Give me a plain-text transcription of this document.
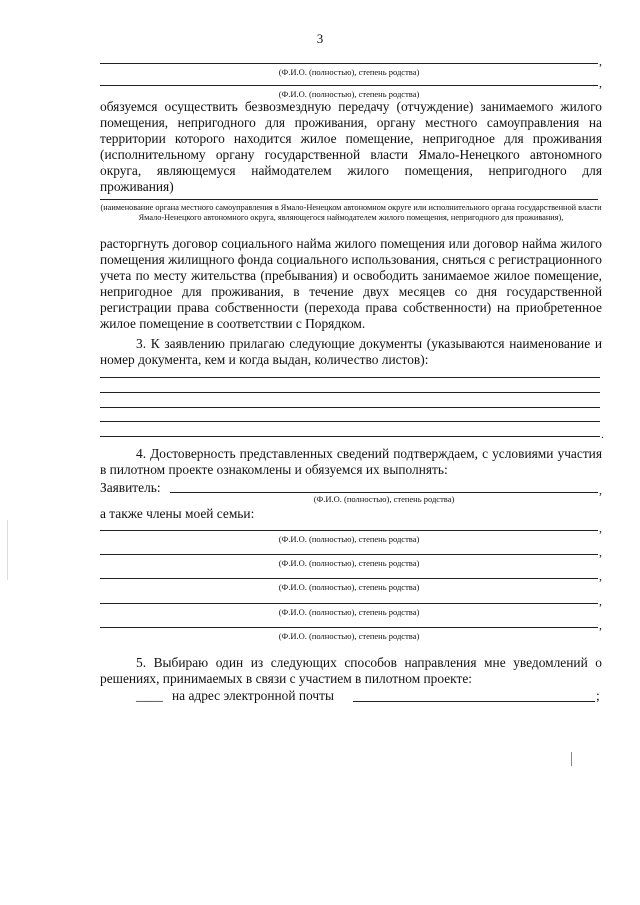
3
,
(Ф.И.О. (полностью), степень родства)
,
(Ф.И.О. (полностью), степень родства)

обязуемся осуществить безвозмездную передачу (отчуждение) занимаемого жилого помещения, непригодного для проживания, органу местного самоуправления на территории которого находится жилое помещение, непригодное для проживания (исполнительному органу государственной власти Ямало-Ненецкого автономного округа, являющемуся наймодателем жилого помещения, непригодного для проживания)

(наименование органа местного самоуправления в Ямало-Ненецком автономном округе или исполнительного органа государственной власти Ямало-Ненецкого автономного округа, являющегося наймодателем жилого помещения, непригодного для проживания),

расторгнуть договор социального найма жилого помещения или договор найма жилого помещения жилищного фонда социального использования, сняться с регистрационного учета по месту жительства (пребывания) и освободить занимаемое жилое помещение, непригодное для проживания, в течение двух месяцев со дня государственной регистрации права собственности (перехода права собственности) на приобретенное жилое помещение в соответствии с Порядком.

3. К заявлению прилагаю следующие документы (указываются наименование и номер документа, кем и когда выдан, количество листов):

.

4. Достоверность представленных сведений подтверждаем, с условиями участия в пилотном проекте ознакомлены и обязуемся их выполнять:

Заявитель:	,
(Ф.И.О. (полностью), степень родства)
а также члены моей семьи:
,
(Ф.И.О. (полностью), степень родства)
,
(Ф.И.О. (полностью), степень родства)
,
(Ф.И.О. (полностью), степень родства)
,
(Ф.И.О. (полностью), степень родства)
,
(Ф.И.О. (полностью), степень родства)

5. Выбираю один из следующих способов направления мне уведомлений о решениях, принимаемых в связи с участием в пилотном проекте:

____ на адрес электронной почты	;
